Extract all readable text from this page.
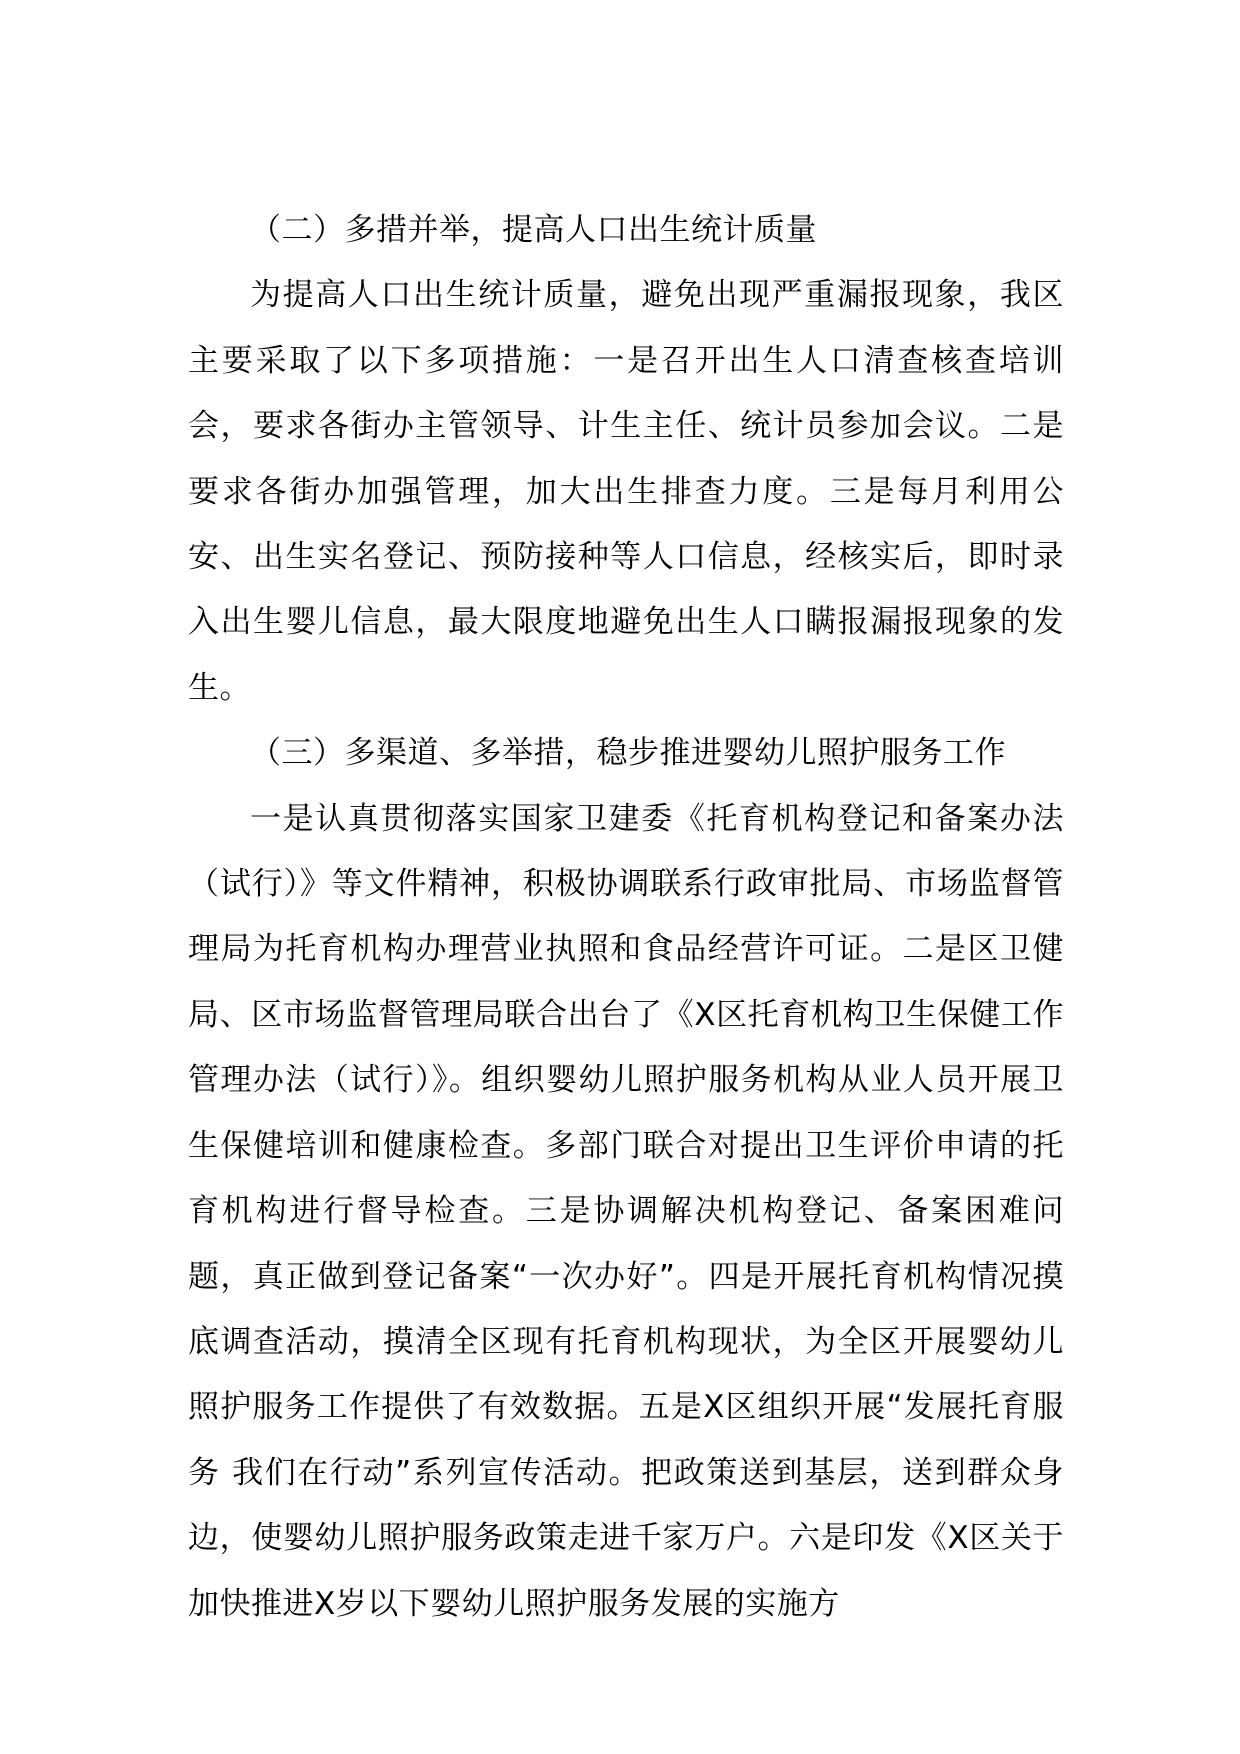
（二）多措并举，提高人口出生统计质量

为提高人口出生统计质量，避免出现严重漏报现象，我区主要采取了以下多项措施：一是召开出生人口清查核查培训会，要求各街办主管领导、计生主任、统计员参加会议。二是要求各街办加强管理，加大出生排查力度。三是每月利用公安、出生实名登记、预防接种等人口信息，经核实后，即时录入出生婴儿信息，最大限度地避免出生人口瞒报漏报现象的发生。

（三）多渠道、多举措，稳步推进婴幼儿照护服务工作

一是认真贯彻落实国家卫建委《托育机构登记和备案办法（试行）》等文件精神，积极协调联系行政审批局、市场监督管理局为托育机构办理营业执照和食品经营许可证。二是区卫健局、区市场监督管理局联合出台了《X区托育机构卫生保健工作管理办法（试行）》。组织婴幼儿照护服务机构从业人员开展卫生保健培训和健康检查。多部门联合对提出卫生评价申请的托育机构进行督导检查。三是协调解决机构登记、备案困难问题，真正做到登记备案“一次办好”。四是开展托育机构情况摸底调查活动，摸清全区现有托育机构现状，为全区开展婴幼儿照护服务工作提供了有效数据。五是X区组织开展“发展托育服务 我们在行动”系列宣传活动。把政策送到基层，送到群众身边，使婴幼儿照护服务政策走进千家万户。六是印发《X区关于加快推进X岁以下婴幼儿照护服务发展的实施方
